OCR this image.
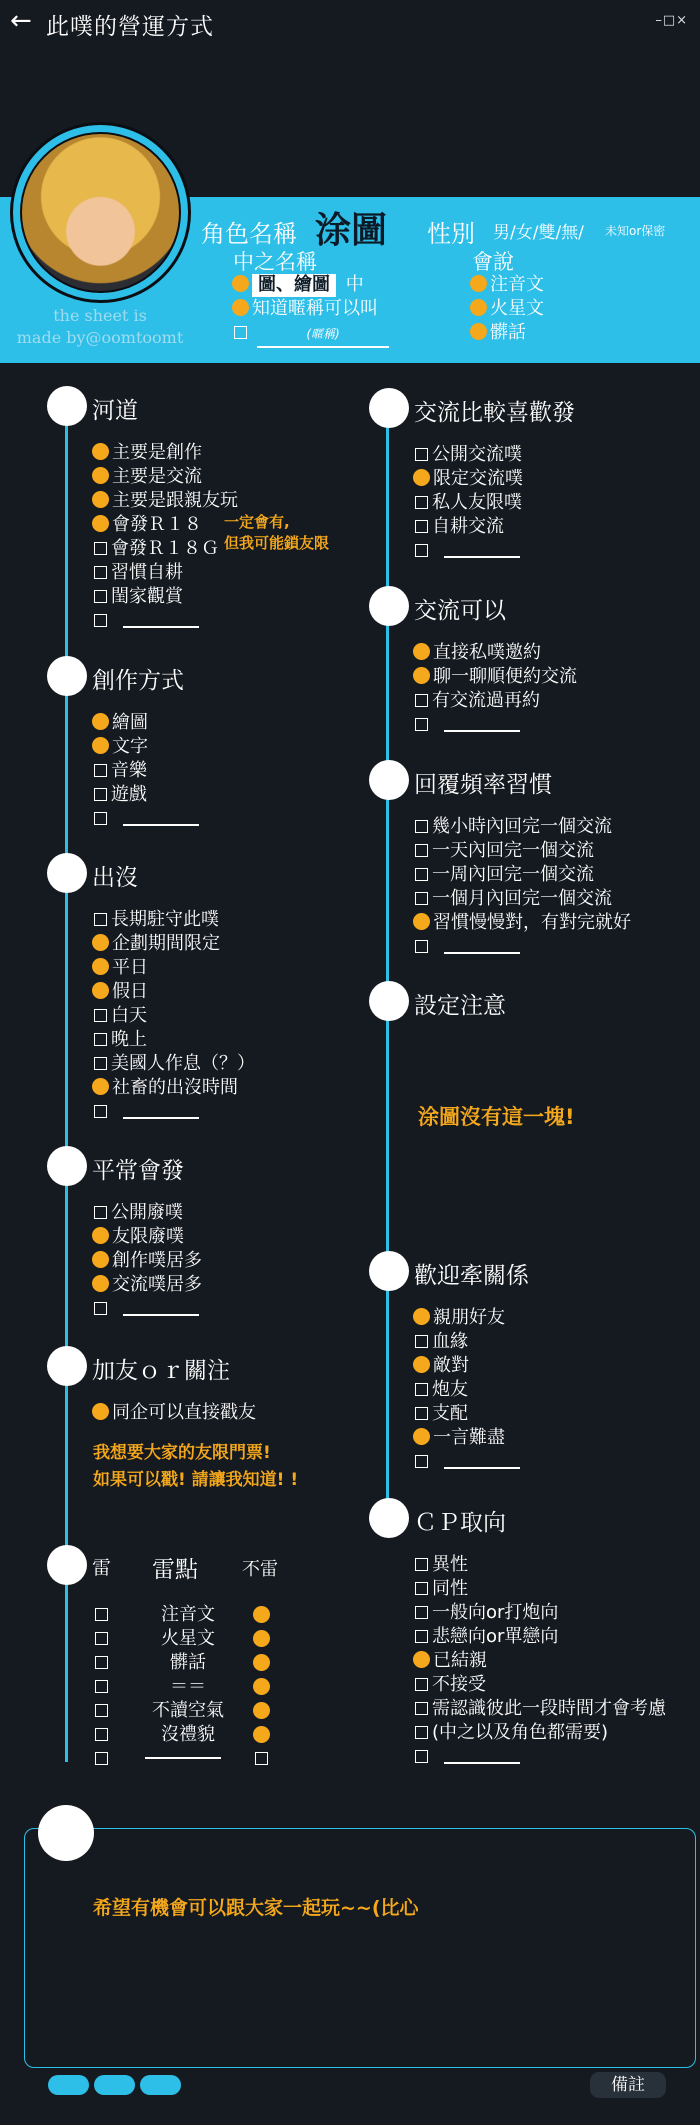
← 此噗的營運方式	–□×
the sheet is
made by@oomtoomt
角色名稱 涂圖 性別 男/女/雙/無/ 未知or保密
中之名稱
圖、繪圖 中
知道暱稱可以叫
(暱稱)
會說
注音文
火星文
髒話
河道
主要是創作
主要是交流
主要是跟親友玩
會發Ｒ１８
會發Ｒ１８Ｇ
習慣自耕
閨家觀賞
創作方式
繪圖
文字
音樂
遊戲
出沒
長期駐守此噗
企劃期間限定
平日
假日
白天
晚上
美國人作息（？）
社畜的出沒時間
平常會發
公開廢噗
友限廢噗
創作噗居多
交流噗居多
加友ｏｒ關注
同企可以直接戳友
一定會有,
但我可能鎖友限
我想要大家的友限門票!
如果可以戳! 請讓我知道! !
交流比較喜歡發
公開交流噗
限定交流噗
私人友限噗
自耕交流
交流可以
直接私噗邀約
聊一聊順便約交流
有交流過再約
回覆頻率習慣
幾小時內回完一個交流
一天內回完一個交流
一周內回完一個交流
一個月內回完一個交流
習慣慢慢對，有對完就好
設定注意
歡迎牽關係
親朋好友
血緣
敵對
炮友
支配
一言難盡
ＣＰ取向
異性
同性
一般向or打炮向
悲戀向or單戀向
已結親
不接受
需認識彼此一段時間才會考慮
(中之以及角色都需要)
涂圖沒有這一塊!
雷 雷點 不雷
注音文
火星文
髒話
＝＝
不讀空氣
沒禮貌
希望有機會可以跟大家一起玩~~(比心
備註
